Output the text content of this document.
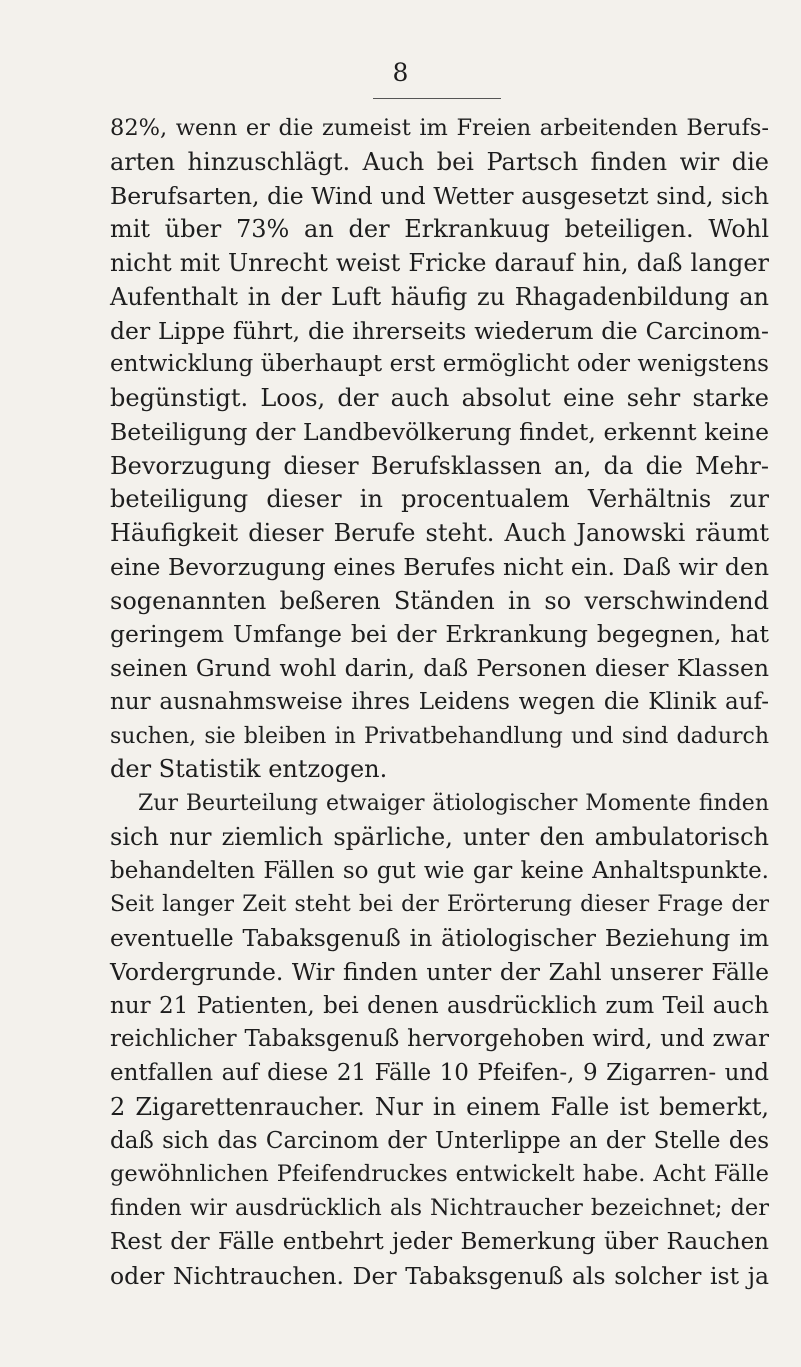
8
82%, wenn er die zumeist im Freien arbeitenden Berufs-
arten hinzuschlägt. Auch bei Partsch finden wir die
Berufsarten, die Wind und Wetter ausgesetzt sind, sich
mit über 73% an der Erkrankuug beteiligen. Wohl
nicht mit Unrecht weist Fricke darauf hin, daß langer
Aufenthalt in der Luft häufig zu Rhagadenbildung an
der Lippe führt, die ihrerseits wiederum die Carcinom-
entwicklung überhaupt erst ermöglicht oder wenigstens
begünstigt. Loos, der auch absolut eine sehr starke
Beteiligung der Landbevölkerung findet, erkennt keine
Bevorzugung dieser Berufsklassen an, da die Mehr-
beteiligung dieser in procentualem Verhältnis zur
Häufigkeit dieser Berufe steht. Auch Janowski räumt
eine Bevorzugung eines Berufes nicht ein. Daß wir den
sogenannten beßeren Ständen in so verschwindend
geringem Umfange bei der Erkrankung begegnen, hat
seinen Grund wohl darin, daß Personen dieser Klassen
nur ausnahmsweise ihres Leidens wegen die Klinik auf-
suchen, sie bleiben in Privatbehandlung und sind dadurch
der Statistik entzogen.
Zur Beurteilung etwaiger ätiologischer Momente finden
sich nur ziemlich spärliche, unter den ambulatorisch
behandelten Fällen so gut wie gar keine Anhaltspunkte.
Seit langer Zeit steht bei der Erörterung dieser Frage der
eventuelle Tabaksgenuß in ätiologischer Beziehung im
Vordergrunde. Wir finden unter der Zahl unserer Fälle
nur 21 Patienten, bei denen ausdrücklich zum Teil auch
reichlicher Tabaksgenuß hervorgehoben wird, und zwar
entfallen auf diese 21 Fälle 10 Pfeifen-, 9 Zigarren- und
2 Zigarettenraucher. Nur in einem Falle ist bemerkt,
daß sich das Carcinom der Unterlippe an der Stelle des
gewöhnlichen Pfeifendruckes entwickelt habe. Acht Fälle
finden wir ausdrücklich als Nichtraucher bezeichnet; der
Rest der Fälle entbehrt jeder Bemerkung über Rauchen
oder Nichtrauchen. Der Tabaksgenuß als solcher ist ja
